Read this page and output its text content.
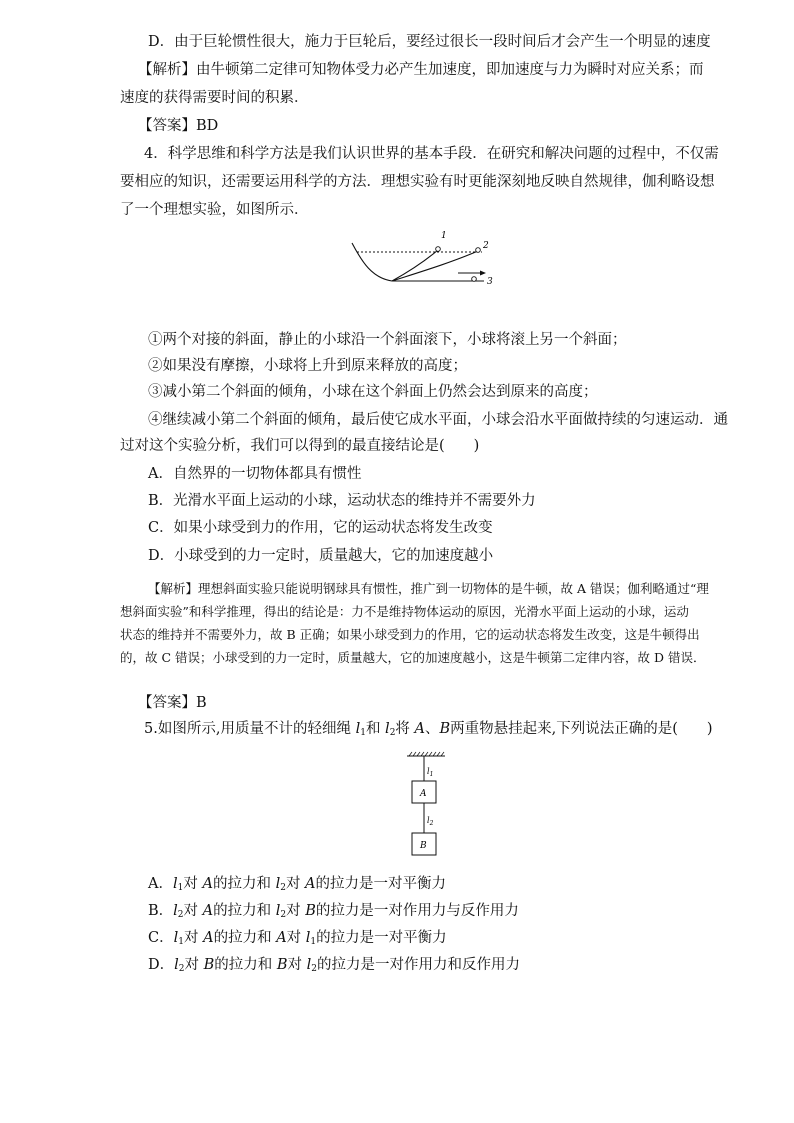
D．由于巨轮惯性很大，施力于巨轮后，要经过很长一段时间后才会产生一个明显的速度
【解析】由牛顿第二定律可知物体受力必产生加速度，即加速度与力为瞬时对应关系；而
速度的获得需要时间的积累．
【答案】BD
4．科学思维和科学方法是我们认识世界的基本手段．在研究和解决问题的过程中，不仅需
要相应的知识，还需要运用科学的方法．理想实验有时更能深刻地反映自然规律，伽利略设想
了一个理想实验，如图所示．
1
2
3
①两个对接的斜面，静止的小球沿一个斜面滚下，小球将滚上另一个斜面；
②如果没有摩擦，小球将上升到原来释放的高度；
③减小第二个斜面的倾角，小球在这个斜面上仍然会达到原来的高度；
④继续减小第二个斜面的倾角，最后使它成水平面，小球会沿水平面做持续的匀速运动．通
过对这个实验分析，我们可以得到的最直接结论是(　　)
A．自然界的一切物体都具有惯性
B．光滑水平面上运动的小球，运动状态的维持并不需要外力
C．如果小球受到力的作用，它的运动状态将发生改变
D．小球受到的力一定时，质量越大，它的加速度越小
【解析】理想斜面实验只能说明钢球具有惯性，推广到一切物体的是牛顿，故 A 错误；伽利略通过“理
想斜面实验”和科学推理，得出的结论是：力不是维持物体运动的原因，光滑水平面上运动的小球，运动
状态的维持并不需要外力，故 B 正确；如果小球受到力的作用，它的运动状态将发生改变，这是牛顿得出
的，故 C 错误；小球受到的力一定时，质量越大，它的加速度越小，这是牛顿第二定律内容，故 D 错误．
【答案】B
5.如图所示,用质量不计的轻细绳 $l_1$和 $l_2$将 A、B两重物悬挂起来,下列说法正确的是(　　)
$l_1$
A
$l_2$
B
A．$l_1$对 A的拉力和 $l_2$对 A的拉力是一对平衡力
B．$l_2$对 A的拉力和 $l_2$对 B的拉力是一对作用力与反作用力
C．$l_1$对 A的拉力和 A对 $l_1$的拉力是一对平衡力
D．$l_2$对 B的拉力和 B对 $l_2$的拉力是一对作用力和反作用力
